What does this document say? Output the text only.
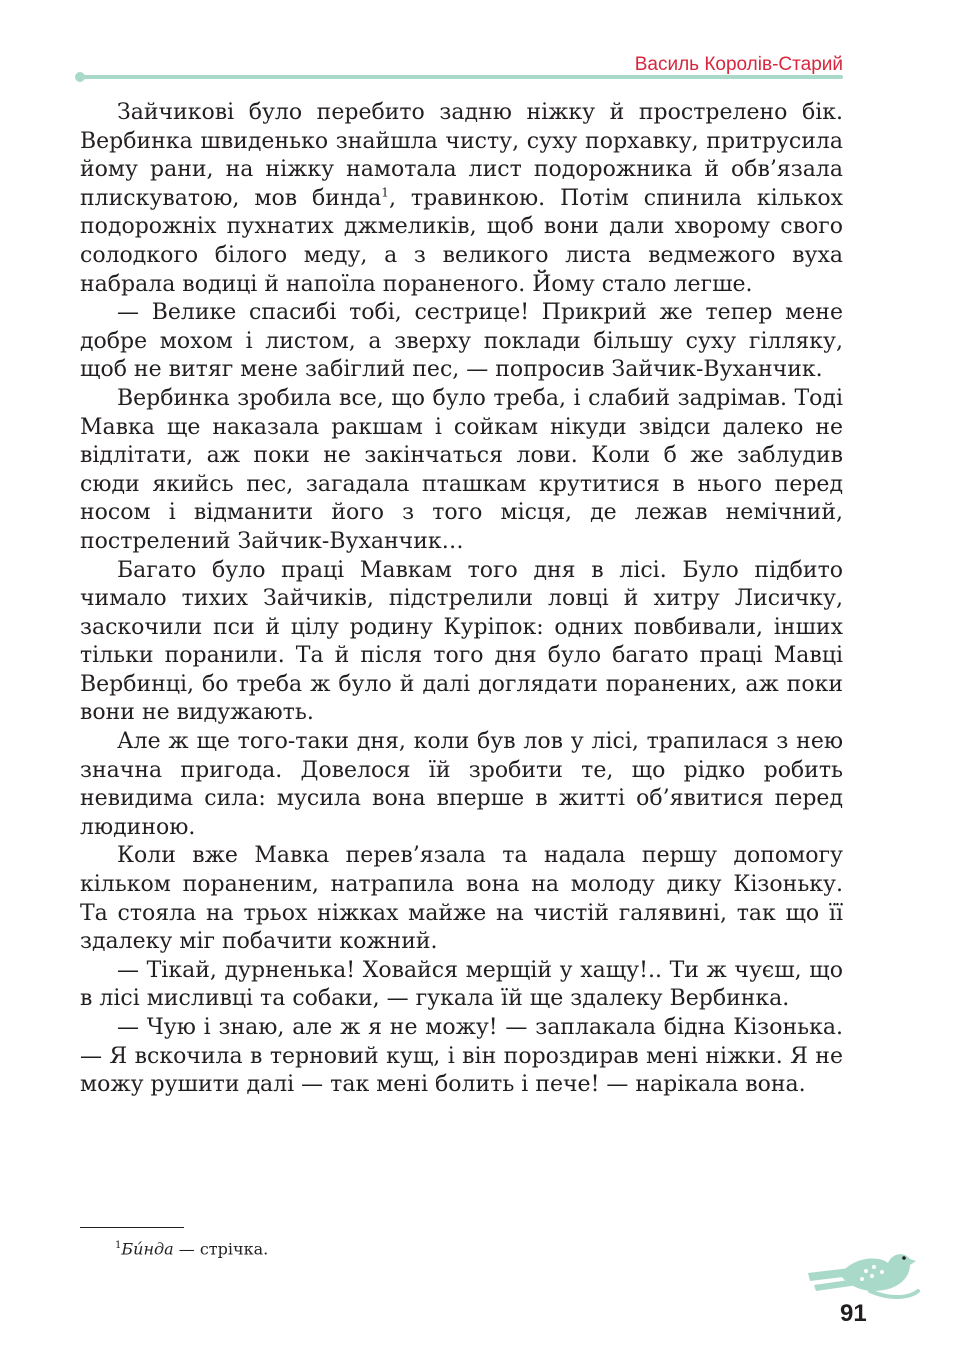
Василь Королів-Старий

Зайчикові було перебито задню ніжку й прострелено бік. Вербинка швиденько знайшла чисту, суху порхавку, притрусила йому рани, на ніжку намотала лист подорожника й обв’язала плискуватою, мов бинда$^1$, травинкою. Потім спинила кількох подорожніх пухнатих джмеликів, щоб вони дали хворому свого солодкого білого меду, а з великого листа ведмежого вуха набрала водиці й напоїла пораненого. Йому стало легше.

— Велике спасибі тобі, сестрице! Прикрий же тепер мене добре мохом і листом, а зверху поклади більшу суху гілляку, щоб не витяг мене забіглий пес, — попросив Зайчик-Вуханчик.

Вербинка зробила все, що було треба, і слабий задрімав. Тоді Мавка ще наказала ракшам і сойкам нікуди звідси далеко не відлітати, аж поки не закінчаться лови. Коли б же заблудив сюди якийсь пес, загадала пташкам крутитися в нього перед носом і відманити його з того місця, де лежав немічний, пострелений Зайчик-Вуханчик…

Багато було праці Мавкам того дня в лісі. Було підбито чимало тихих Зайчиків, підстрелили ловці й хитру Лисичку, заскочили пси й цілу родину Куріпок: одних повбивали, інших тільки поранили. Та й після того дня було багато праці Мавці Вербинці, бо треба ж було й далі доглядати поранених, аж поки вони не видужають.

Але ж ще того-таки дня, коли був лов у лісі, трапилася з нею значна пригода. Довелося їй зробити те, що рідко робить невидима сила: мусила вона вперше в житті об’явитися перед людиною.

Коли вже Мавка перев’язала та надала першу допомогу кільком пораненим, натрапила вона на молоду дику Кізоньку. Та стояла на трьох ніжках майже на чистій галявині, так що її здалеку міг побачити кожний.

— Тікай, дурненька! Ховайся мерщій у хащу!.. Ти ж чуєш, що в лісі мисливці та собаки, — гукала їй ще здалеку Вербинка.

— Чую і знаю, але ж я не можу! — заплакала бідна Кізонька. — Я вскочила в терновий кущ, і він пороздирав мені ніжки. Я не можу рушити далі — так мені болить і пече! — нарікала вона.

$^1$Би́нда — стрічка.
91
